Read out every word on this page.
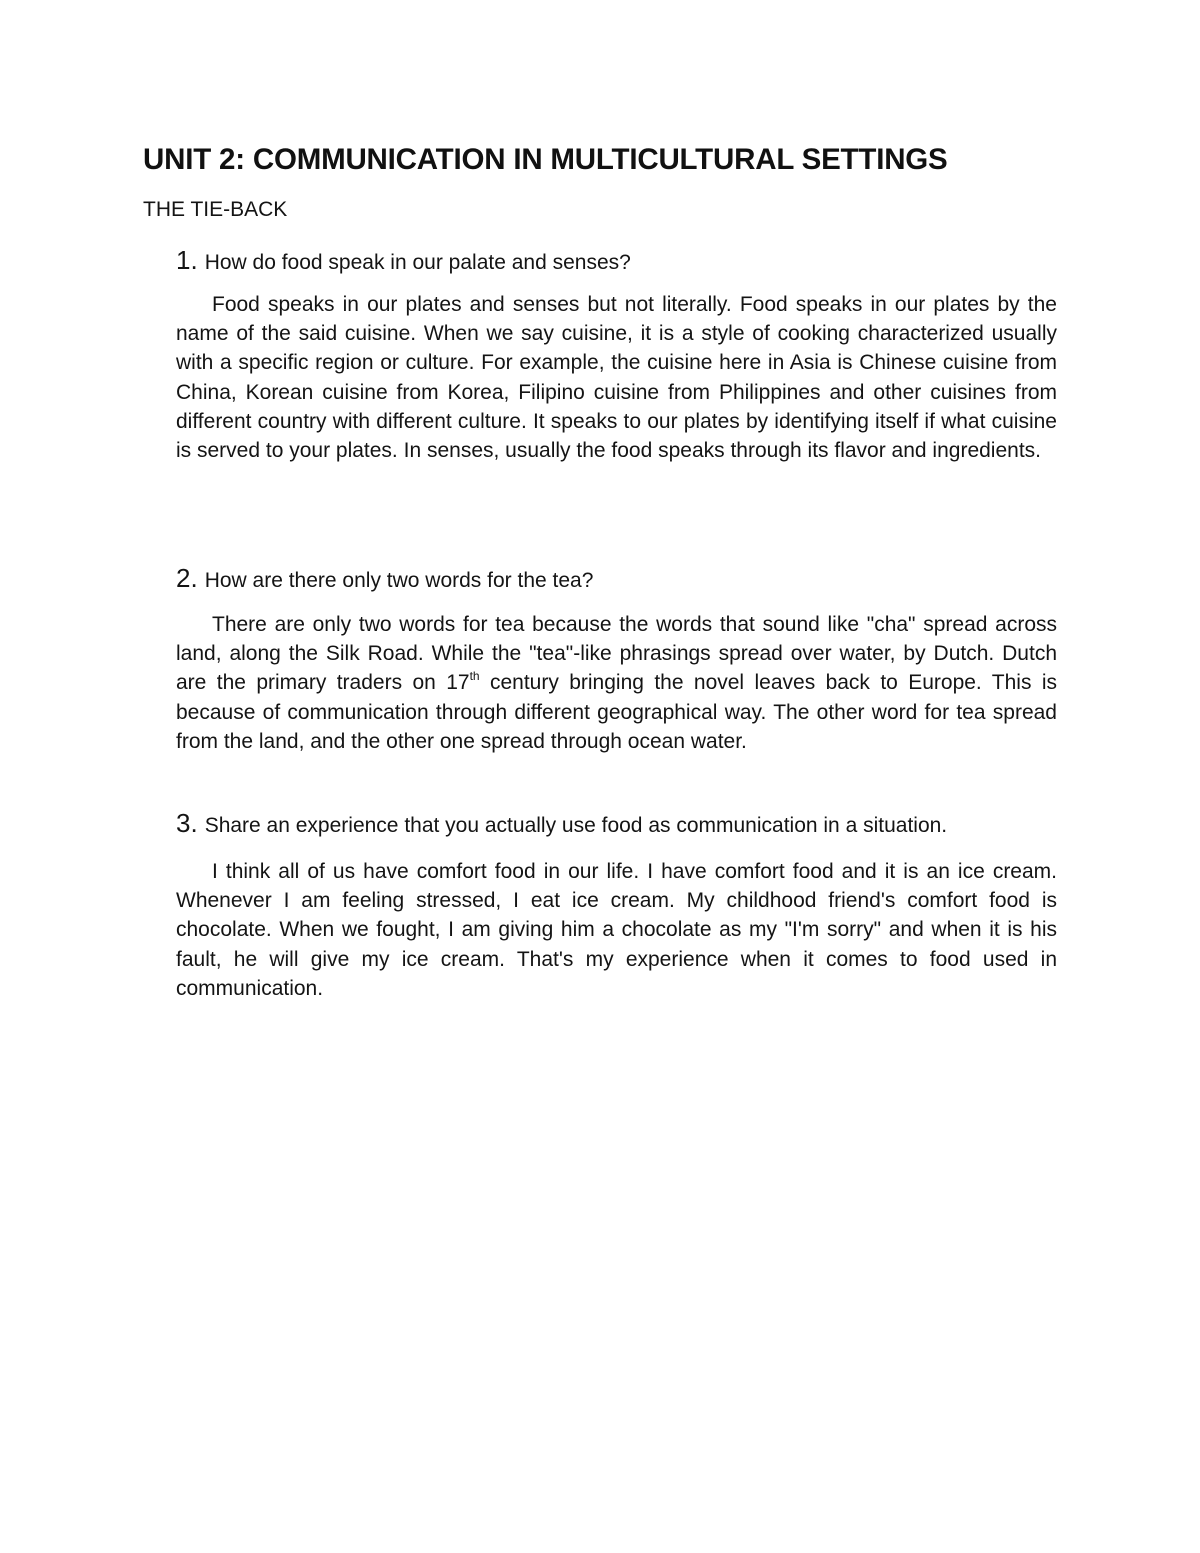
UNIT 2: COMMUNICATION IN MULTICULTURAL SETTINGS

THE TIE-BACK

1. How do food speak in our palate and senses?

Food speaks in our plates and senses but not literally. Food speaks in our plates by the name of the said cuisine. When we say cuisine, it is a style of cooking characterized usually with a specific region or culture. For example, the cuisine here in Asia is Chinese cuisine from China, Korean cuisine from Korea, Filipino cuisine from Philippines and other cuisines from different country with different culture. It speaks to our plates by identifying itself if what cuisine is served to your plates. In senses, usually the food speaks through its flavor and ingredients.

2. How are there only two words for the tea?

There are only two words for tea because the words that sound like "cha" spread across land, along the Silk Road. While the "tea"-like phrasings spread over water, by Dutch. Dutch are the primary traders on 17th century bringing the novel leaves back to Europe. This is because of communication through different geographical way. The other word for tea spread from the land, and the other one spread through ocean water.

3. Share an experience that you actually use food as communication in a situation.

I think all of us have comfort food in our life. I have comfort food and it is an ice cream. Whenever I am feeling stressed, I eat ice cream. My childhood friend's comfort food is chocolate. When we fought, I am giving him a chocolate as my "I'm sorry" and when it is his fault, he will give my ice cream. That's my experience when it comes to food used in communication.
